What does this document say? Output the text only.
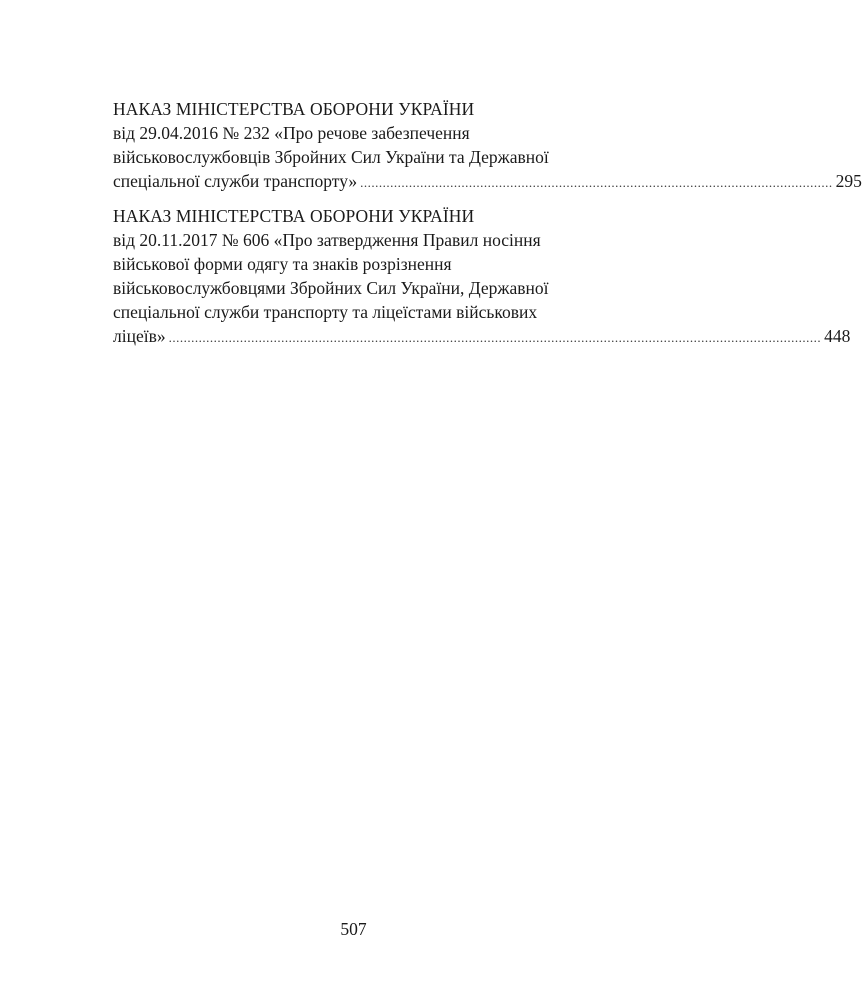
НАКАЗ МІНІСТЕРСТВА ОБОРОНИ УКРАЇНИ
від 29.04.2016 № 232 «Про речове забезпечення
військовослужбовців Збройних Сил України та Державної
спеціальної служби транспорту» .............................................................................................................................. 295
НАКАЗ МІНІСТЕРСТВА ОБОРОНИ УКРАЇНИ
від 20.11.2017 № 606 «Про затвердження Правил носіння
військової форми одягу та знаків розрізнення
військовослужбовцями Збройних Сил України, Державної
спеціальної служби транспорту та ліцеїстами військових
ліцеїв» .............................................................................................................................................................................. 448
507
